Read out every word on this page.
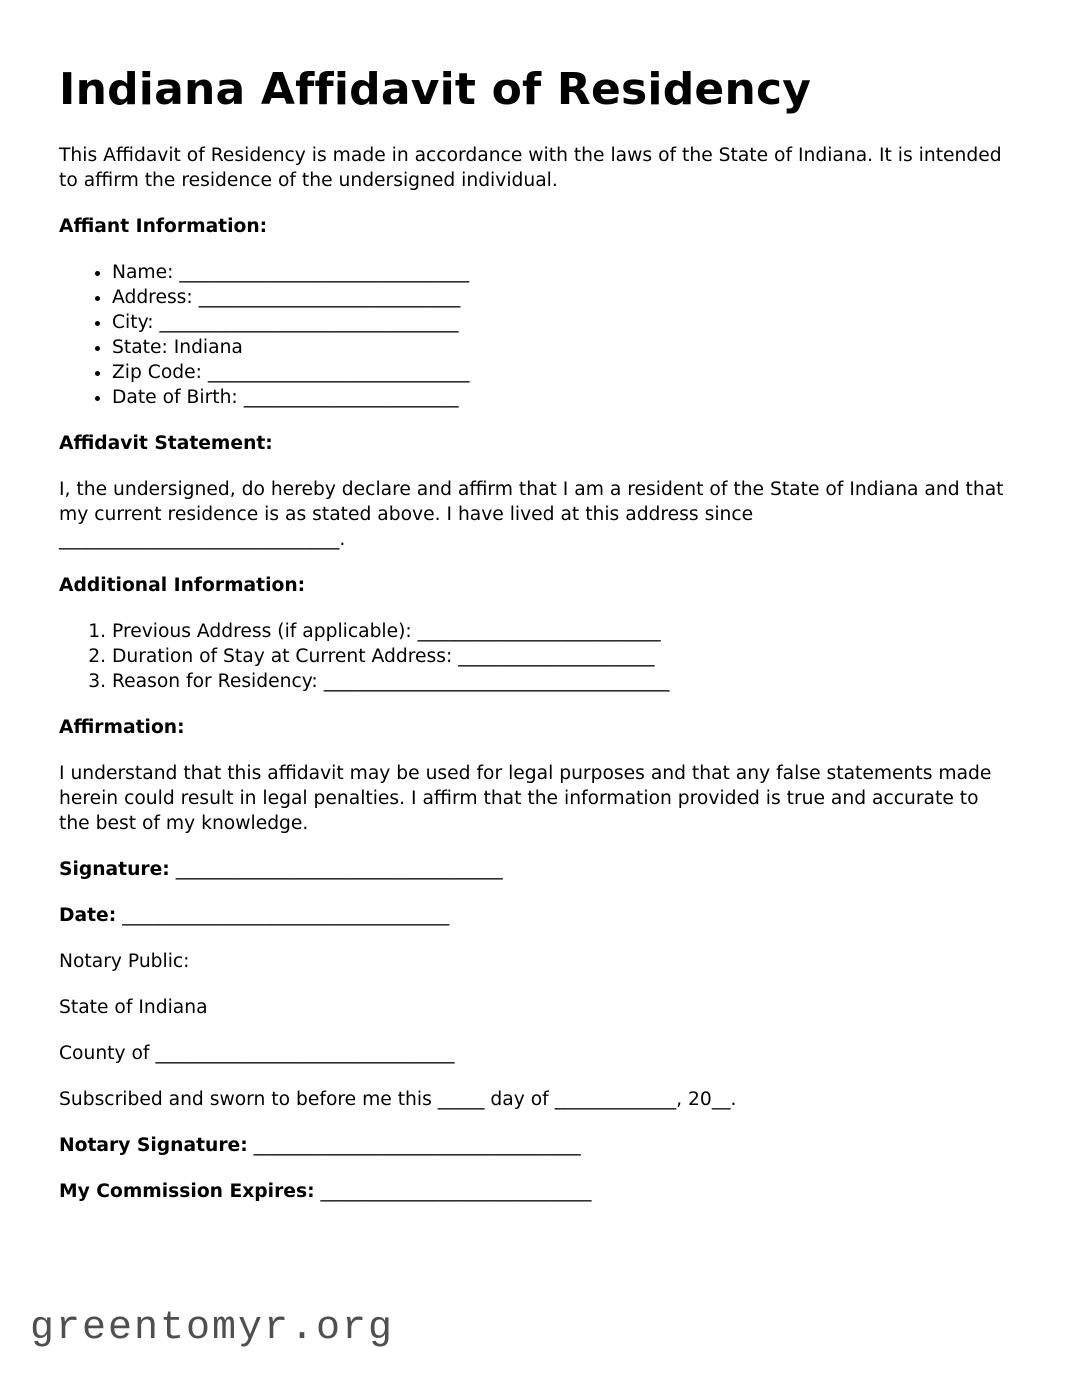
Indiana Affidavit of Residency

This Affidavit of Residency is made in accordance with the laws of the State of Indiana. It is intended to affirm the residence of the undersigned individual.

Affiant Information:
• Name: _______________________________
• Address: ____________________________
• City: ________________________________
• State: Indiana
• Zip Code: ____________________________
• Date of Birth: _______________________
Affidavit Statement:

I, the undersigned, do hereby declare and affirm that I am a resident of the State of Indiana and that my current residence is as stated above. I have lived at this address since ______________________________.

Additional Information:
1. Previous Address (if applicable): __________________________
2. Duration of Stay at Current Address: _____________________
3. Reason for Residency: _____________________________________
Affirmation:

I understand that this affidavit may be used for legal purposes and that any false statements made herein could result in legal penalties. I affirm that the information provided is true and accurate to the best of my knowledge.

Signature: ___________________________________

Date: ___________________________________

Notary Public:

State of Indiana

County of ________________________________

Subscribed and sworn to before me this _____ day of _____________, 20__.

Notary Signature: ___________________________________

My Commission Expires: _____________________________

greentomyr.org
